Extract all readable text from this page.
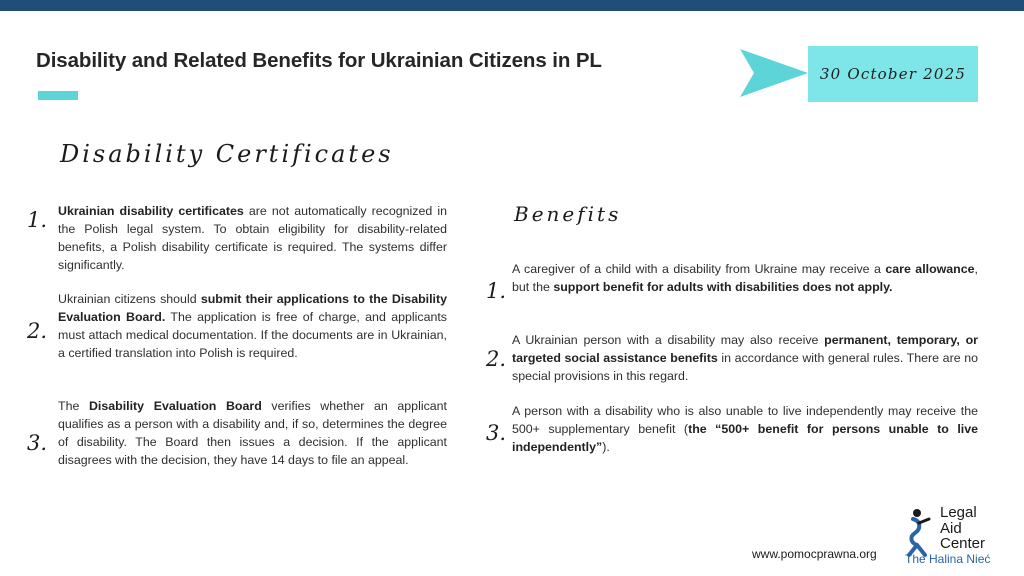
Disability and Related Benefits for Ukrainian Citizens in PL
30 October 2025
Disability Certificates
1. Ukrainian disability certificates are not automatically recognized in the Polish legal system. To obtain eligibility for disability-related benefits, a Polish disability certificate is required. The systems differ significantly.

2.

Ukrainian citizens should submit their applications to the Disability Evaluation Board. The application is free of charge, and applicants must attach medical documentation. If the documents are in Ukrainian, a certified translation into Polish is required.

3.

The Disability Evaluation Board verifies whether an applicant qualifies as a person with a disability and, if so, determines the degree of disability. The Board then issues a decision. If the applicant disagrees with the decision, they have 14 days to file an appeal.

Benefits
1.

A caregiver of a child with a disability from Ukraine may receive a care allowance, but the support benefit for adults with disabilities does not apply.

2.

A Ukrainian person with a disability may also receive permanent, temporary, or targeted social assistance benefits in accordance with general rules. There are no special provisions in this regard.

3.

A person with a disability who is also unable to live independently may receive the 500+ supplementary benefit (the “500+ benefit for persons unable to live independently”).

www.pomocprawna.org
Legal
Aid
Center
The Halina Nieć
